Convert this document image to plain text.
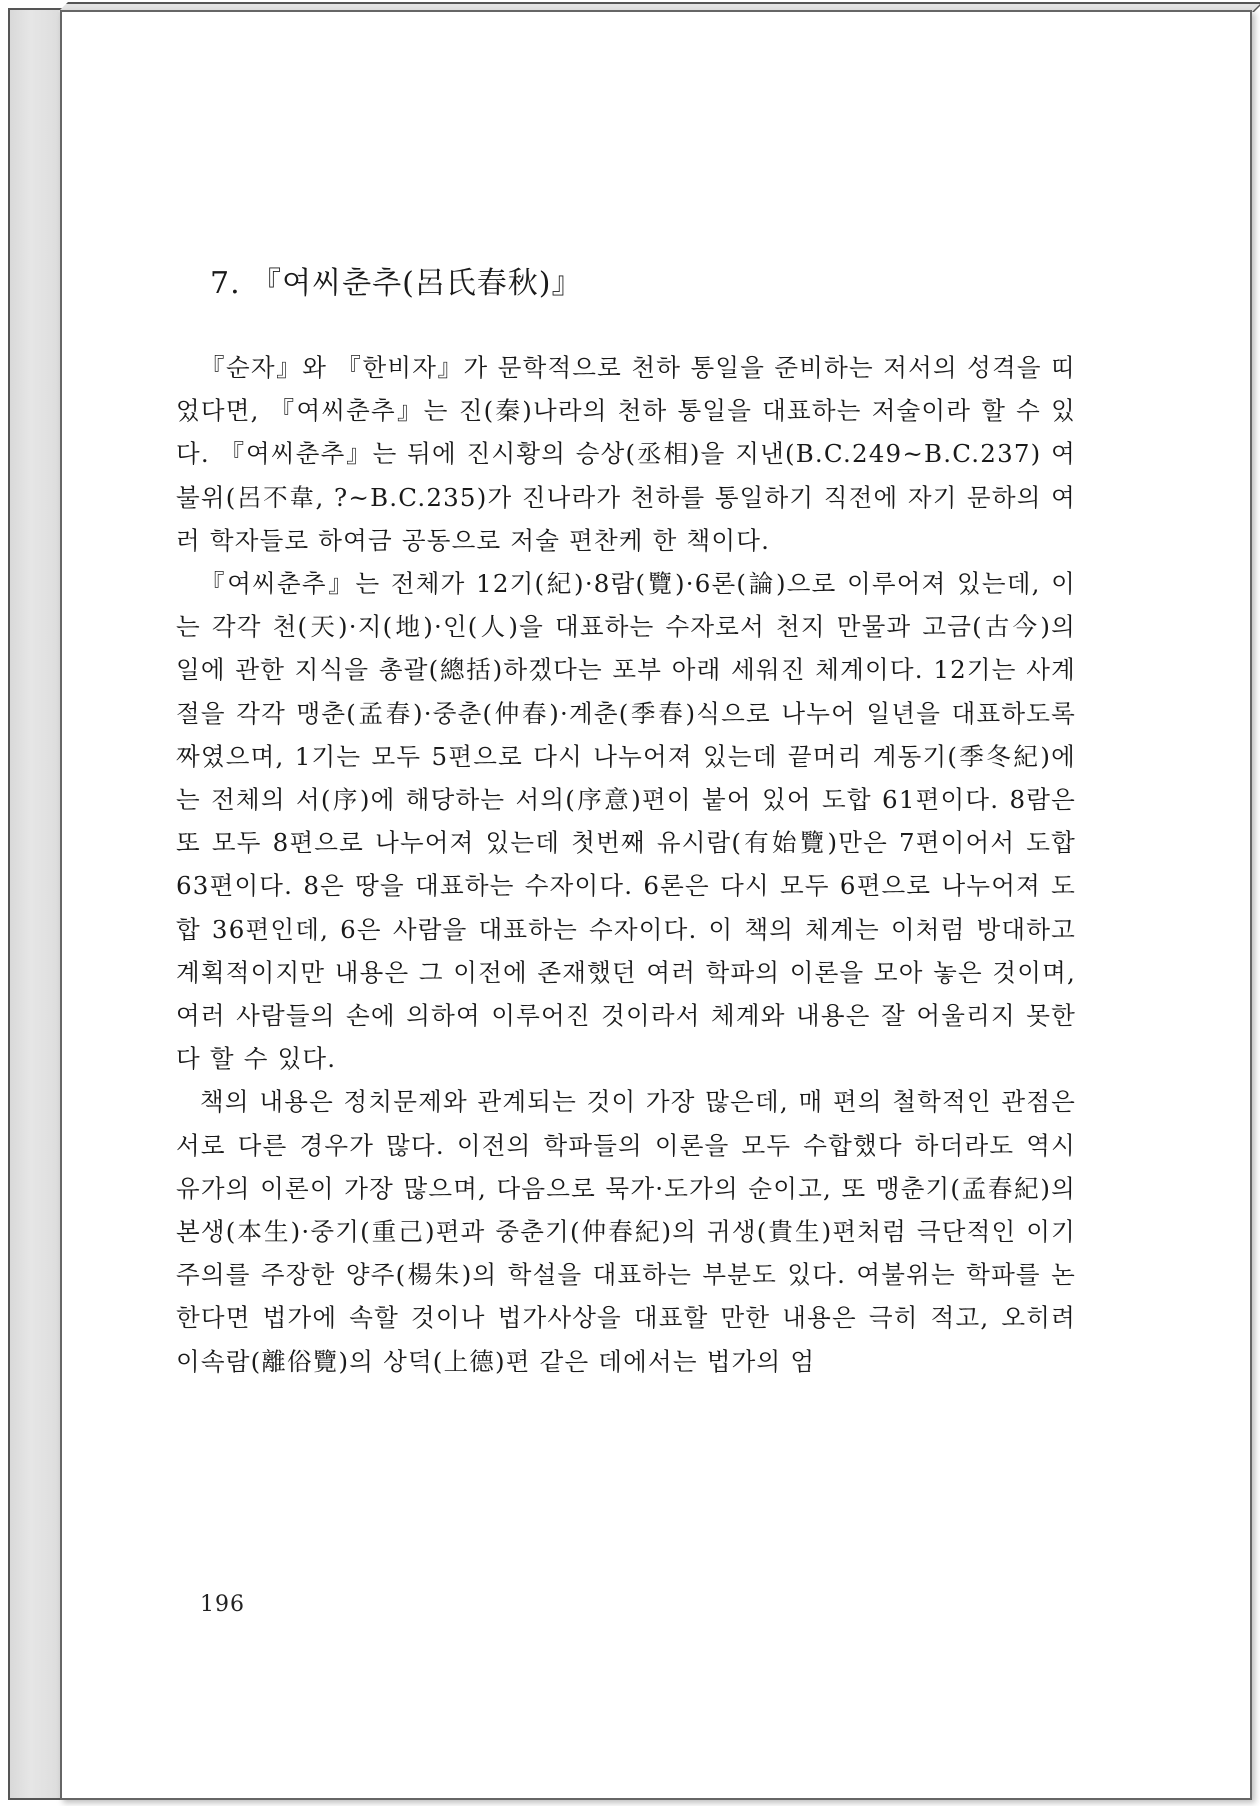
7. 『여씨춘추(呂氏春秋)』

『순자』와 『한비자』가 문학적으로 천하 통일을 준비하는 저서의 성격을 띠었다면, 『여씨춘추』는 진(秦)나라의 천하 통일을 대표하는 저술이라 할 수 있다. 『여씨춘추』는 뒤에 진시황의 승상(丞相)을 지낸(B.C.249~B.C.237) 여불위(呂不韋, ?~B.C.235)가 진나라가 천하를 통일하기 직전에 자기 문하의 여러 학자들로 하여금 공동으로 저술 편찬케 한 책이다.

『여씨춘추』는 전체가 12기(紀)·8람(覽)·6론(論)으로 이루어져 있는데, 이는 각각 천(天)·지(地)·인(人)을 대표하는 수자로서 천지 만물과 고금(古今)의 일에 관한 지식을 총괄(總括)하겠다는 포부 아래 세워진 체계이다. 12기는 사계절을 각각 맹춘(孟春)·중춘(仲春)·계춘(季春)식으로 나누어 일년을 대표하도록 짜였으며, 1기는 모두 5편으로 다시 나누어져 있는데 끝머리 계동기(季冬紀)에는 전체의 서(序)에 해당하는 서의(序意)편이 붙어 있어 도합 61편이다. 8람은 또 모두 8편으로 나누어져 있는데 첫번째 유시람(有始覽)만은 7편이어서 도합 63편이다. 8은 땅을 대표하는 수자이다. 6론은 다시 모두 6편으로 나누어져 도합 36편인데, 6은 사람을 대표하는 수자이다. 이 책의 체계는 이처럼 방대하고 계획적이지만 내용은 그 이전에 존재했던 여러 학파의 이론을 모아 놓은 것이며, 여러 사람들의 손에 의하여 이루어진 것이라서 체계와 내용은 잘 어울리지 못한다 할 수 있다.

책의 내용은 정치문제와 관계되는 것이 가장 많은데, 매 편의 철학적인 관점은 서로 다른 경우가 많다. 이전의 학파들의 이론을 모두 수합했다 하더라도 역시 유가의 이론이 가장 많으며, 다음으로 묵가·도가의 순이고, 또 맹춘기(孟春紀)의 본생(本生)·중기(重己)편과 중춘기(仲春紀)의 귀생(貴生)편처럼 극단적인 이기주의를 주장한 양주(楊朱)의 학설을 대표하는 부분도 있다. 여불위는 학파를 논한다면 법가에 속할 것이나 법가사상을 대표할 만한 내용은 극히 적고, 오히려 이속람(離俗覽)의 상덕(上德)편 같은 데에서는 법가의 엄

196
